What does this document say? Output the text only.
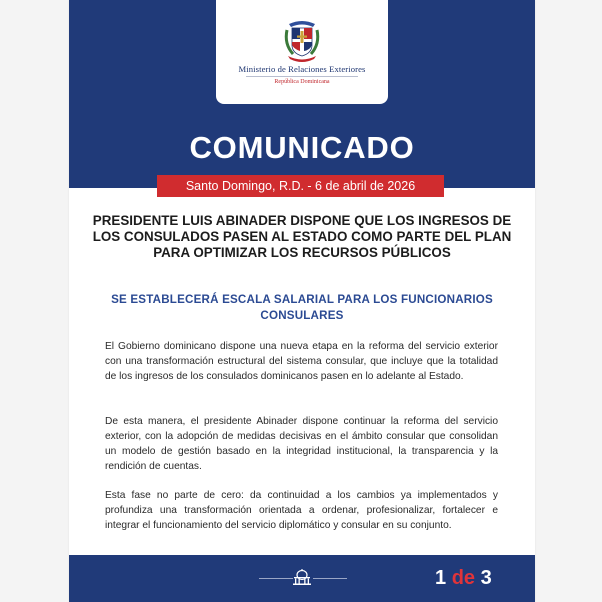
Ministerio de Relaciones Exteriores
República Dominicana
COMUNICADO
Santo Domingo, R.D. - 6 de abril de 2026
PRESIDENTE LUIS ABINADER DISPONE QUE LOS INGRESOS DE LOS CONSULADOS PASEN AL ESTADO COMO PARTE DEL PLAN PARA OPTIMIZAR LOS RECURSOS PÚBLICOS
SE ESTABLECERÁ ESCALA SALARIAL PARA LOS FUNCIONARIOS CONSULARES
El Gobierno dominicano dispone una nueva etapa en la reforma del servicio exterior con una transformación estructural del sistema consular, que incluye que la totalidad de los ingresos de los consulados dominicanos pasen en lo adelante al Estado.
De esta manera, el presidente Abinader dispone continuar la reforma del servicio exterior, con la adopción de medidas decisivas en el ámbito consular que consolidan un modelo de gestión basado en la integridad institucional, la transparencia y la rendición de cuentas.
Esta fase no parte de cero: da continuidad a los cambios ya implementados y profundiza una transformación orientada a ordenar, profesionalizar, fortalecer e integrar el funcionamiento del servicio diplomático y consular en su conjunto.
1 de 3
